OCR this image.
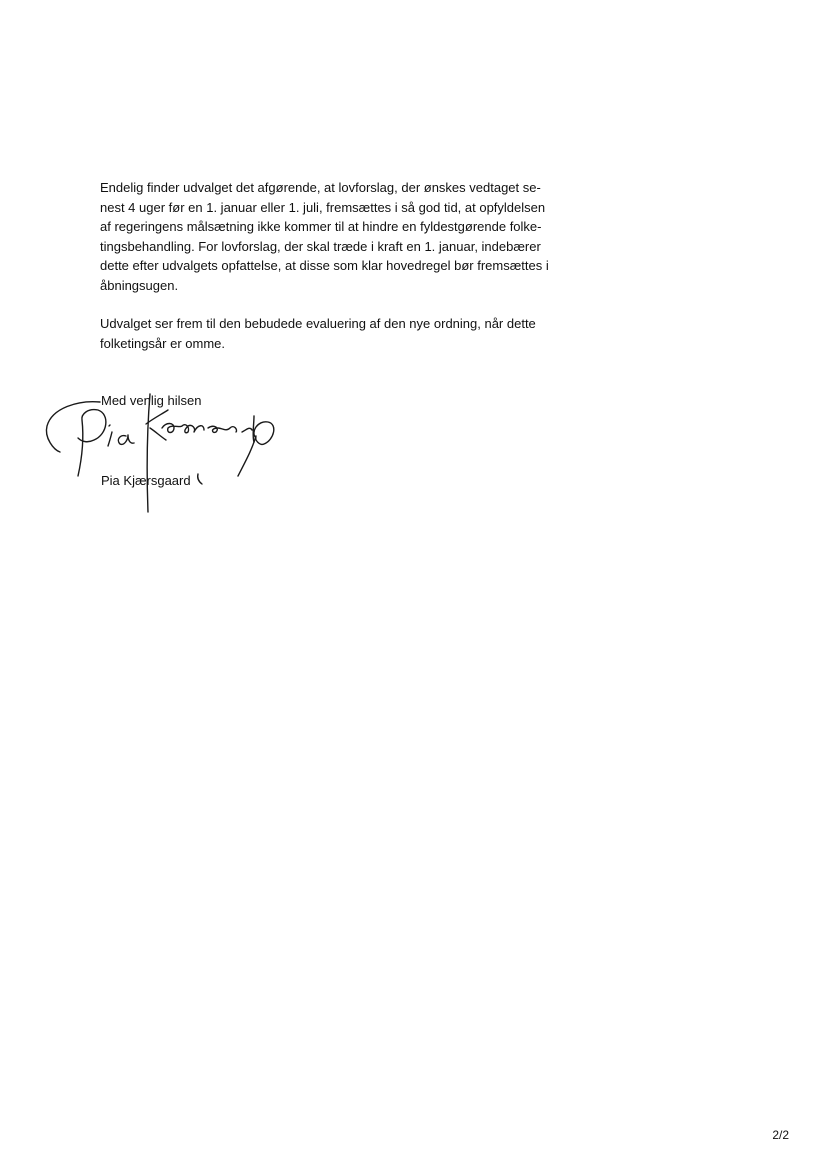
Endelig finder udvalget det afgørende, at lovforslag, der ønskes vedtaget se-
nest 4 uger før en 1. januar eller 1. juli, fremsættes i så god tid, at opfyldelsen
af regeringens målsætning ikke kommer til at hindre en fyldestgørende folke-
tingsbehandling. For lovforslag, der skal træde i kraft en 1. januar, indebærer
dette efter udvalgets opfattelse, at disse som klar hovedregel bør fremsættes i
åbningsugen.

Udvalget ser frem til den bebudede evaluering af den nye ordning, når dette
folketingsår er omme.

Med venlig hilsen
Pia Kjærsgaard
2/2
